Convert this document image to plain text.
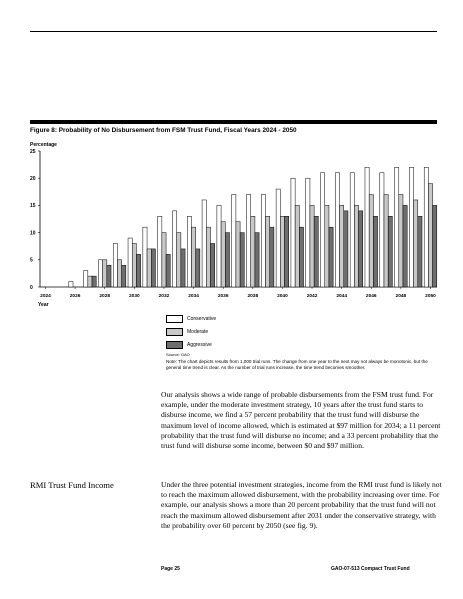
Figure 8: Probability of No Disbursement from FSM Trust Fund, Fiscal Years 2024 - 2050
Percentage
0
5
10
15
20
25
2024	2026	2028	2030	2032	2034	2036	2038	2040	2042	2044	2046	2048	2050
Year
Conservative
Moderate
Aggressive
Source: GAO
Note: The chart depicts results from 1,000 trial runs. The change from one year to the next may not always be monotonic, but the general time trend is clear. As the number of trial runs increase, the time trend becomes smoother.
Our analysis shows a wide range of probable disbursements from the FSM trust fund. For example, under the moderate investment strategy, 10 years after the trust fund starts to disburse income, we find a 57 percent probability that the trust fund will disburse the maximum level of income allowed, which is estimated at $97 million for 2034; a 11 percent probability that the trust fund will disburse no income; and a 33 percent probability that the trust fund will disburse some income, between $0 and $97 million.
RMI Trust Fund Income	Under the three potential investment strategies, income from the RMI trust fund is likely not to reach the maximum allowed disbursement, with the probability increasing over time. For example, our analysis shows a more than 20 percent probability that the trust fund will not reach the maximum allowed disbursement after 2031 under the conservative strategy, with the probability over 60 percent by 2050 (see fig. 9).
Page 25	GAO-07-513 Compact Trust Fund
